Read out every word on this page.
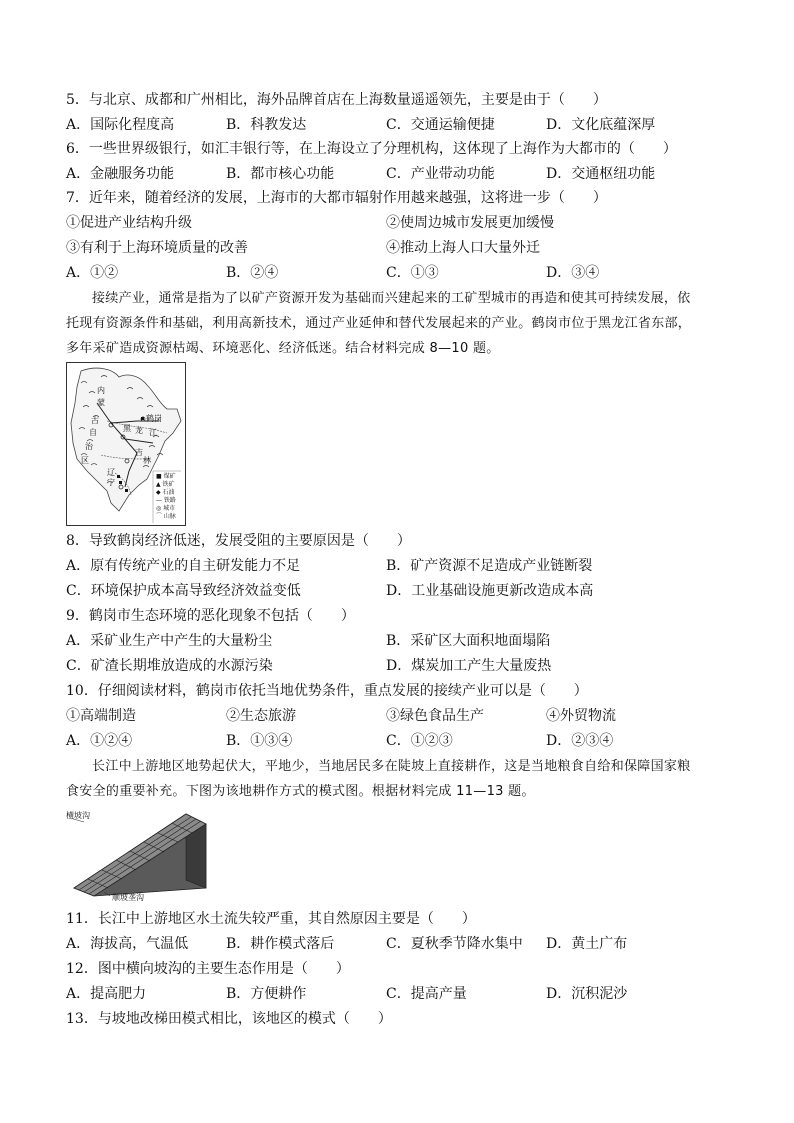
5．与北京、成都和广州相比，海外品牌首店在上海数量遥遥领先，主要是由于（　　）
A．国际化程度高	B．科教发达	C．交通运输便捷	D．文化底蕴深厚
6．一些世界级银行，如汇丰银行等，在上海设立了分理机构，这体现了上海作为大都市的（　　）
A．金融服务功能	B．都市核心功能	C．产业带动功能	D．交通枢纽功能
7．近年来，随着经济的发展，上海市的大都市辐射作用越来越强，这将进一步（　　）
①促进产业结构升级	②使周边城市发展更加缓慢
③有利于上海环境质量的改善	④推动上海人口大量外迁
A．①②	B．②④	C．①③	D．③④
接续产业，通常是指为了以矿产资源开发为基础而兴建起来的工矿型城市的再造和使其可持续发展，依
托现有资源条件和基础，利用高新技术，通过产业延伸和替代发展起来的产业。鹤岗市位于黑龙江省东部，
多年采矿造成资源枯竭、环境恶化、经济低迷。结合材料完成 8—10 题。
内
蒙
古
自
治
区
黑 龙 江
鹤岗
吉
林
辽
宁
■ 煤矿
▲ 铁矿
◆ 石油
— 铁路
◎ 城市
⌒ 山脉
8．导致鹤岗经济低迷，发展受阻的主要原因是（　　）
A．原有传统产业的自主研发能力不足	B．矿产资源不足造成产业链断裂
C．环境保护成本高导致经济效益变低	D．工业基础设施更新改造成本高
9．鹤岗市生态环境的恶化现象不包括（　　）
A．采矿业生产中产生的大量粉尘	B．采矿区大面积地面塌陷
C．矿渣长期堆放造成的水源污染	D．煤炭加工产生大量废热
10．仔细阅读材料，鹤岗市依托当地优势条件，重点发展的接续产业可以是（　　）
①高端制造	②生态旅游	③绿色食品生产	④外贸物流
A．①②④	B．①③④	C．①②③	D．②③④
长江中上游地区地势起伏大，平地少，当地居民多在陡坡上直接耕作，这是当地粮食自给和保障国家粮
食安全的重要补充。下图为该地耕作方式的模式图。根据材料完成 11—13 题。
横坡沟
顺坡垄沟
11．长江中上游地区水土流失较严重，其自然原因主要是（　　）
A．海拔高，气温低	B．耕作模式落后	C．夏秋季节降水集中 D．黄土广布
12．图中横向坡沟的主要生态作用是（　　）
A．提高肥力	B．方便耕作	C．提高产量	D．沉积泥沙
13．与坡地改梯田模式相比，该地区的模式（　　）
